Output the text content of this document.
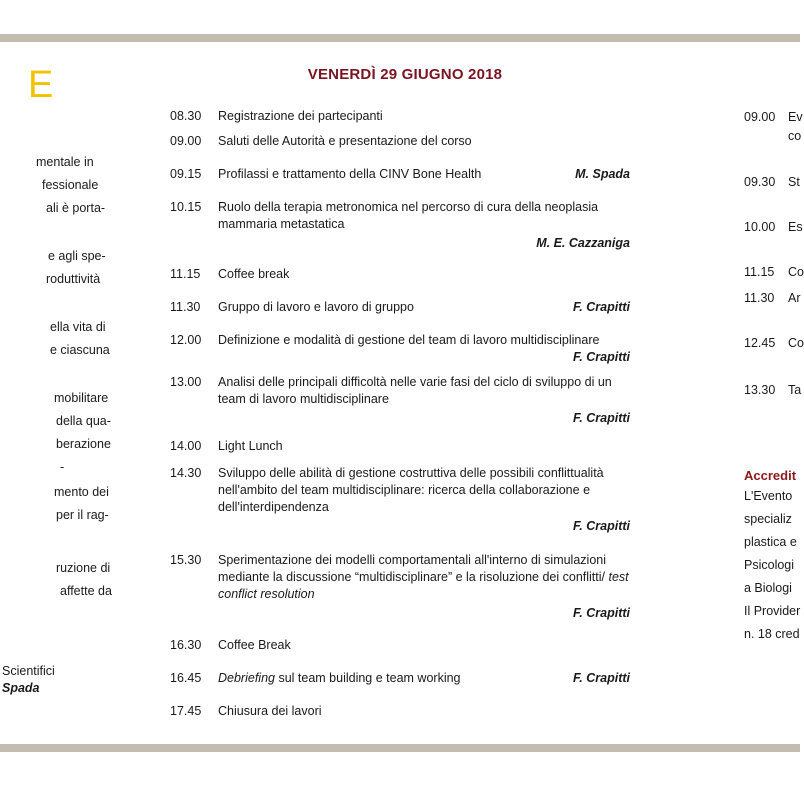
E
mentale in
fessionale
ali è porta-
e agli spe-
roduttività
ella vita di
e ciascuna
mobilitare
della qua-
berazione
-
mento dei
per il rag-
ruzione di
affette da
Scientifici
Spada
VENERDÌ 29 GIUGNO 2018
08.30	Registrazione dei partecipanti
09.00	Saluti delle Autorità e presentazione del corso
09.15	Profilassi e trattamento della CINV Bone Health	M. Spada
10.15	Ruolo della terapia metronomica nel percorso di cura della neoplasia mammaria metastatica
M. E. Cazzaniga
11.15	Coffee break
11.30	Gruppo di lavoro e lavoro di gruppo	F. Crapitti
12.00	Definizione e modalità di gestione del team di lavoro multidisciplinare
F. Crapitti
13.00	Analisi delle principali difficoltà nelle varie fasi del ciclo di sviluppo di un team di lavoro multidisciplinare
F. Crapitti
14.00	Light Lunch
14.30	Sviluppo delle abilità di gestione costruttiva delle possibili conflittualità nell'ambito del team multidisciplinare: ricerca della collaborazione e dell'interdipendenza
F. Crapitti
15.30	Sperimentazione dei modelli comportamentali all'interno di simulazioni mediante la discussione “multidisciplinare” e la risoluzione dei conflitti/ test conflict resolution
F. Crapitti
16.30	Coffee Break
16.45	Debriefing sul team building e team working	F. Crapitti
17.45	Chiusura dei lavori
09.00 Ev
co
09.30 St
10.00 Es
11.15 Co
11.30 Ar
12.45 Co
13.30 Ta
Accredit
L'Evento
specializ
plastica e
Psicologi
a Biologi
Il Provider
n. 18 cred
